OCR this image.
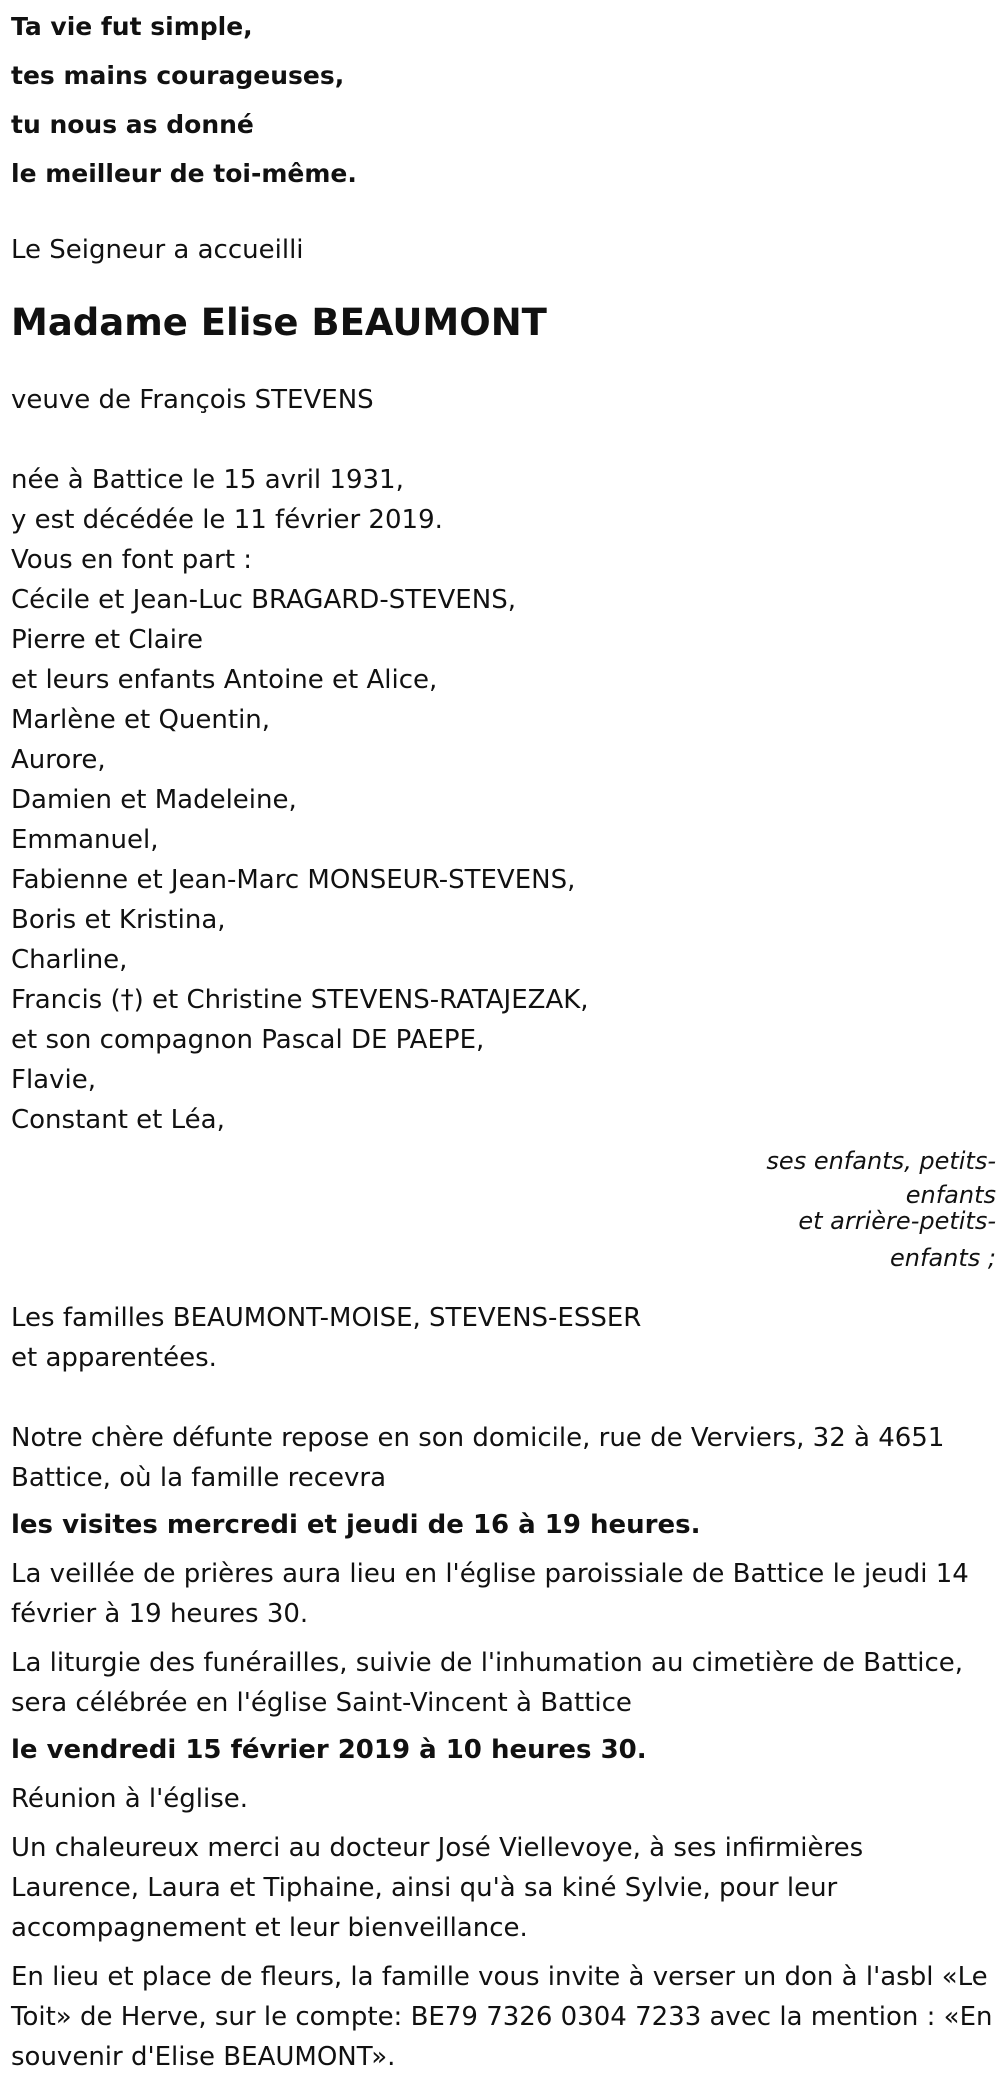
Ta vie fut simple,

tes mains courageuses,

tu nous as donné

le meilleur de toi-même.

Le Seigneur a accueilli
Madame Elise BEAUMONT
veuve de François STEVENS
née à Battice le 15 avril 1931,
y est décédée le 11 février 2019.
Vous en font part :
Cécile et Jean-Luc BRAGARD-STEVENS,
Pierre et Claire
et leurs enfants Antoine et Alice,
Marlène et Quentin,
Aurore,
Damien et Madeleine,
Emmanuel,
Fabienne et Jean-Marc MONSEUR-STEVENS,
Boris et Kristina,
Charline,
Francis (†) et Christine STEVENS-RATAJEZAK,
et son compagnon Pascal DE PAEPE,
Flavie,
Constant et Léa,
ses enfants, petits-
enfants
et arrière-petits-
enfants ;
Les familles BEAUMONT-MOISE, STEVENS-ESSER
et apparentées.
Notre chère défunte repose en son domicile, rue de Verviers, 32 à 4651 Battice, où la famille recevra
les visites mercredi et jeudi de 16 à 19 heures.
La veillée de prières aura lieu en l'église paroissiale de Battice le jeudi 14 février à 19 heures 30.
La liturgie des funérailles, suivie de l'inhumation au cimetière de Battice, sera célébrée en l'église Saint-Vincent à Battice
le vendredi 15 février 2019 à 10 heures 30.
Réunion à l'église.
Un chaleureux merci au docteur José Viellevoye, à ses infirmières Laurence, Laura et Tiphaine, ainsi qu'à sa kiné Sylvie, pour leur accompagnement et leur bienveillance.
En lieu et place de fleurs, la famille vous invite à verser un don à l'asbl «Le Toit» de Herve, sur le compte: BE79 7326 0304 7233 avec la mention : «En souvenir d'Elise BEAUMONT».
